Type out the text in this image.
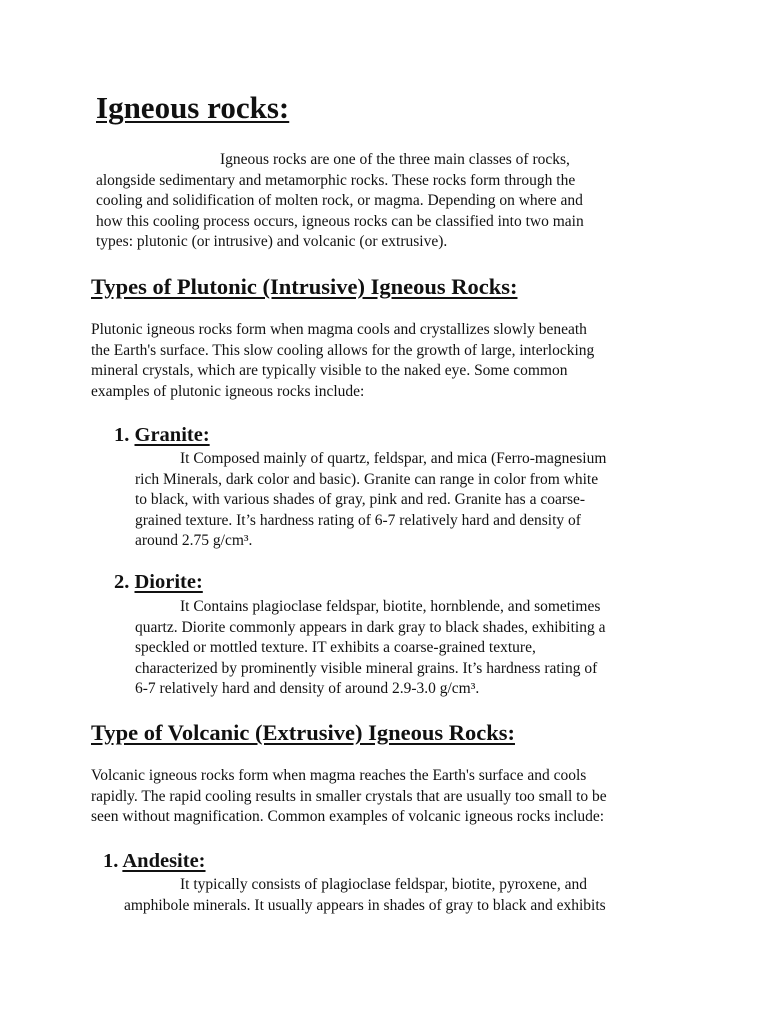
Igneous rocks:

Igneous rocks are one of the three main classes of rocks,
alongside sedimentary and metamorphic rocks. These rocks form through the
cooling and solidification of molten rock, or magma. Depending on where and
how this cooling process occurs, igneous rocks can be classified into two main
types: plutonic (or intrusive) and volcanic (or extrusive).

Types of Plutonic (Intrusive) Igneous Rocks:

Plutonic igneous rocks form when magma cools and crystallizes slowly beneath
the Earth's surface. This slow cooling allows for the growth of large, interlocking
mineral crystals, which are typically visible to the naked eye. Some common
examples of plutonic igneous rocks include:

1. Granite:

It Composed mainly of quartz, feldspar, and mica (Ferro-magnesium
rich Minerals, dark color and basic). Granite can range in color from white
to black, with various shades of gray, pink and red. Granite has a coarse-
grained texture. It’s hardness rating of 6-7 relatively hard and density of
around 2.75 g/cm³.

2. Diorite:

It Contains plagioclase feldspar, biotite, hornblende, and sometimes
quartz. Diorite commonly appears in dark gray to black shades, exhibiting a
speckled or mottled texture. IT exhibits a coarse-grained texture,
characterized by prominently visible mineral grains. It’s hardness rating of
6-7 relatively hard and density of around 2.9-3.0 g/cm³.

Type of Volcanic (Extrusive) Igneous Rocks:

Volcanic igneous rocks form when magma reaches the Earth's surface and cools
rapidly. The rapid cooling results in smaller crystals that are usually too small to be
seen without magnification. Common examples of volcanic igneous rocks include:

1. Andesite:

It typically consists of plagioclase feldspar, biotite, pyroxene, and
amphibole minerals. It usually appears in shades of gray to black and exhibits
